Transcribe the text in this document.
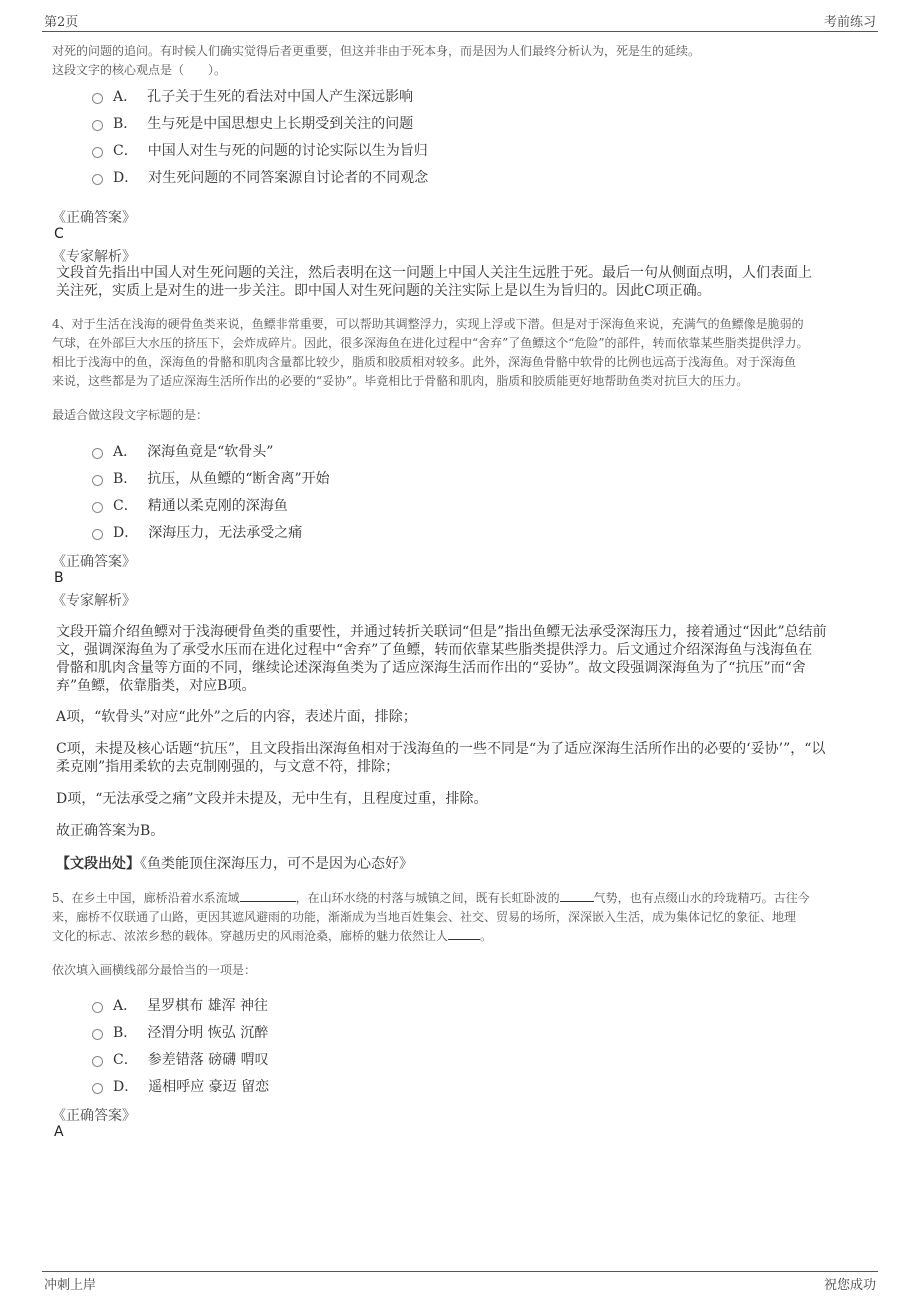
第2页	考前练习
对死的问题的追问。有时候人们确实觉得后者更重要，但这并非由于死本身，而是因为人们最终分析认为，死是生的延续。
这段文字的核心观点是（　　）。
A． 孔子关于生死的看法对中国人产生深远影响
B． 生与死是中国思想史上长期受到关注的问题
C． 中国人对生与死的问题的讨论实际以生为旨归
D． 对生死问题的不同答案源自讨论者的不同观念
《正确答案》
C
《专家解析》
文段首先指出中国人对生死问题的关注，然后表明在这一问题上中国人关注生远胜于死。最后一句从侧面点明，人们表面上
关注死，实质上是对生的进一步关注。即中国人对生死问题的关注实际上是以生为旨归的。因此C项正确。
4、对于生活在浅海的硬骨鱼类来说，鱼鳔非常重要，可以帮助其调整浮力，实现上浮或下潜。但是对于深海鱼来说，充满气的鱼鳔像是脆弱的
气球，在外部巨大水压的挤压下，会炸成碎片。因此，很多深海鱼在进化过程中“舍弃”了鱼鳔这个“危险”的部件，转而依靠某些脂类提供浮力。
相比于浅海中的鱼，深海鱼的骨骼和肌肉含量都比较少，脂质和胶质相对较多。此外，深海鱼骨骼中软骨的比例也远高于浅海鱼。对于深海鱼
来说，这些都是为了适应深海生活所作出的必要的“妥协”。毕竟相比于骨骼和肌肉，脂质和胶质能更好地帮助鱼类对抗巨大的压力。
最适合做这段文字标题的是：
A． 深海鱼竟是“软骨头”
B． 抗压，从鱼鳔的“断舍离”开始
C． 精通以柔克刚的深海鱼
D． 深海压力，无法承受之痛
《正确答案》
B
《专家解析》
文段开篇介绍鱼鳔对于浅海硬骨鱼类的重要性，并通过转折关联词“但是”指出鱼鳔无法承受深海压力，接着通过“因此”总结前
文，强调深海鱼为了承受水压而在进化过程中“舍弃”了鱼鳔，转而依靠某些脂类提供浮力。后文通过介绍深海鱼与浅海鱼在
骨骼和肌肉含量等方面的不同，继续论述深海鱼类为了适应深海生活而作出的“妥协”。故文段强调深海鱼为了“抗压”而“舍
弃”鱼鳔，依靠脂类，对应B项。
A项，“软骨头”对应“此外”之后的内容，表述片面，排除；
C项，未提及核心话题“抗压”，且文段指出深海鱼相对于浅海鱼的一些不同是“为了适应深海生活所作出的必要的‘妥协’”，“以
柔克刚”指用柔软的去克制刚强的，与文意不符，排除；
D项，“无法承受之痛”文段并未提及，无中生有，且程度过重，排除。
故正确答案为B。
【文段出处】《鱼类能顶住深海压力，可不是因为心态好》
5、在乡土中国，廊桥沿着水系流域	，在山环水绕的村落与城镇之间，既有长虹卧波的	气势，也有点缀山水的玲珑精巧。古往今
来，廊桥不仅联通了山路，更因其遮风避雨的功能，渐渐成为当地百姓集会、社交、贸易的场所，深深嵌入生活，成为集体记忆的象征、地理
文化的标志、浓浓乡愁的载体。穿越历史的风雨沧桑，廊桥的魅力依然让人	。
依次填入画横线部分最恰当的一项是：
A． 星罗棋布 雄浑 神往
B． 泾渭分明 恢弘 沉醉
C． 参差错落 磅礴 喟叹
D． 遥相呼应 豪迈 留恋
《正确答案》
A
冲刺上岸	祝您成功
